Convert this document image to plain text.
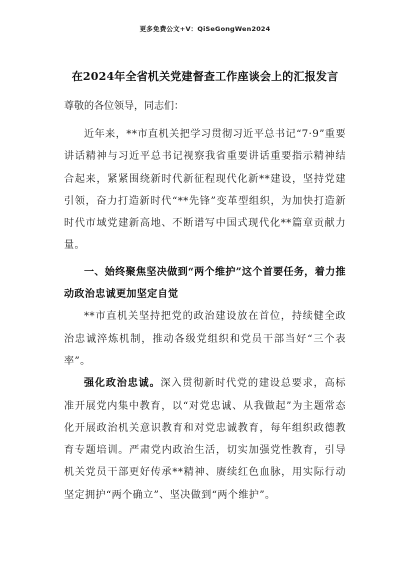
更多免费公文+V：QiSeGongWen2024
在2024年全省机关党建督查工作座谈会上的汇报发言
尊敬的各位领导，同志们：

近年来，**市直机关把学习贯彻习近平总书记“7·9”重要讲话精神与习近平总书记视察我省重要讲话重要指示精神结合起来，紧紧围绕新时代新征程现代化新**建设，坚持党建引领，奋力打造新时代“**先锋”变革型组织，为加快打造新时代市域党建新高地、不断谱写中国式现代化**篇章贡献力量。

一、始终聚焦坚决做到“两个维护”这个首要任务，着力推动政治忠诚更加坚定自觉

**市直机关坚持把党的政治建设放在首位，持续健全政治忠诚淬炼机制，推动各级党组织和党员干部当好“三个表率”。

强化政治忠诚。深入贯彻新时代党的建设总要求，高标准开展党内集中教育，以“对党忠诚、从我做起”为主题常态化开展政治机关意识教育和对党忠诚教育，每年组织政德教育专题培训。严肃党内政治生活，切实加强党性教育，引导机关党员干部更好传承**精神、赓续红色血脉，用实际行动坚定拥护“两个确立”、坚决做到“两个维护”。
